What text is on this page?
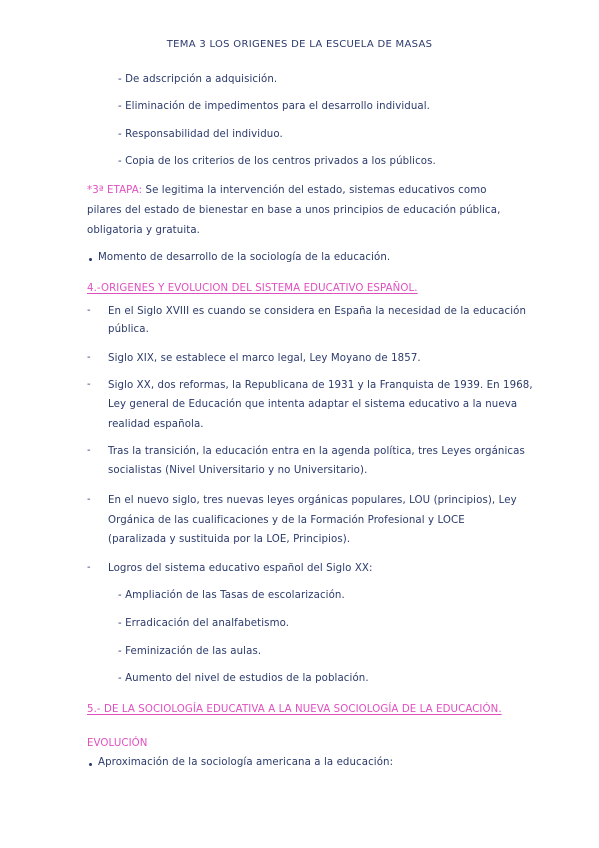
TEMA 3 LOS ORIGENES DE LA ESCUELA DE MASAS
- De adscripción a adquisición.
- Eliminación de impedimentos para el desarrollo individual.
- Responsabilidad del individuo.
- Copia de los criterios de los centros privados a los públicos.
*3ª ETAPA: Se legitima la intervención del estado, sistemas educativos como
pilares del estado de bienestar en base a unos principios de educación pública,
obligatoria y gratuita.
Momento de desarrollo de la sociología de la educación.
4.-ORIGENES Y EVOLUCION DEL SISTEMA EDUCATIVO ESPAÑOL.
- En el Siglo XVIII es cuando se considera en España la necesidad de la educación
pública.
- Siglo XIX, se establece el marco legal, Ley Moyano de 1857.
- Siglo XX, dos reformas, la Republicana de 1931 y la Franquista de 1939. En 1968,
Ley general de Educación que intenta adaptar el sistema educativo a la nueva
realidad española.
- Tras la transición, la educación entra en la agenda política, tres Leyes orgánicas
socialistas (Nivel Universitario y no Universitario).
- En el nuevo siglo, tres nuevas leyes orgánicas populares, LOU (principios), Ley
Orgánica de las cualificaciones y de la Formación Profesional y LOCE
(paralizada y sustituida por la LOE, Principios).
- Logros del sistema educativo español del Siglo XX:
- Ampliación de las Tasas de escolarización.
- Erradicación del analfabetismo.
- Feminización de las aulas.
- Aumento del nivel de estudios de la población.
5.- DE LA SOCIOLOGÍA EDUCATIVA A LA NUEVA SOCIOLOGÍA DE LA EDUCACIÓN.
EVOLUCIÓN
Aproximación de la sociología americana a la educación:
